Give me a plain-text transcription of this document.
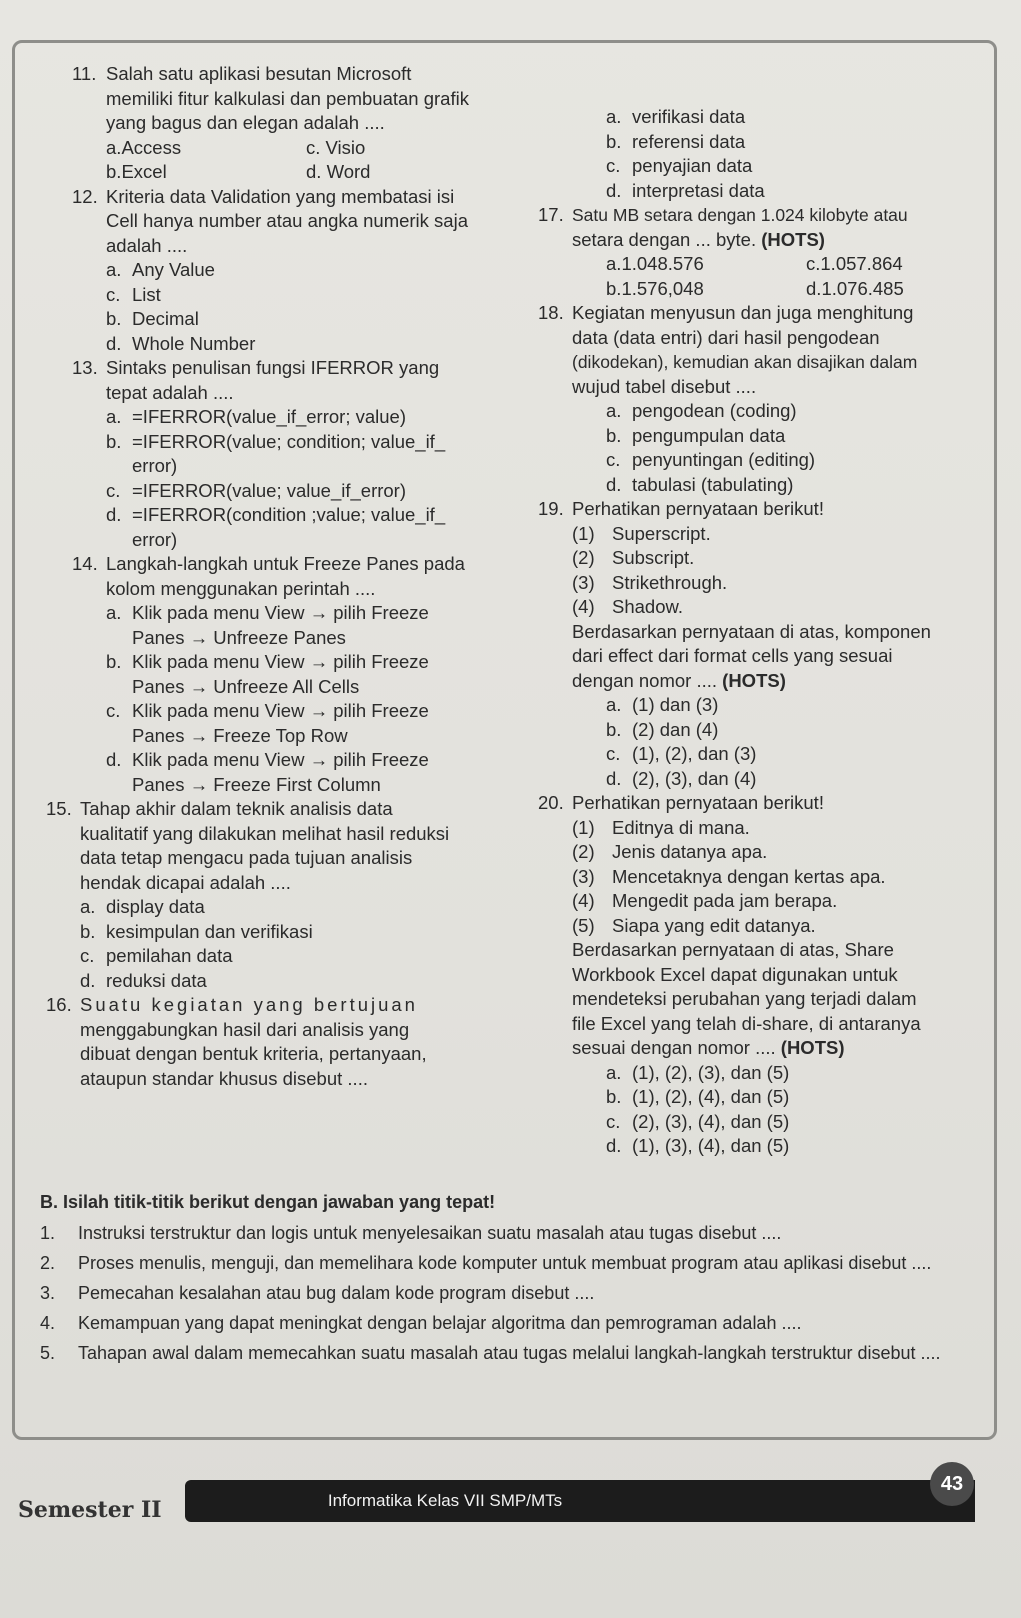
11. Salah satu aplikasi besutan Microsoft
memiliki fitur kalkulasi dan pembuatan grafik
yang bagus dan elegan adalah ....
a.Access	c. Visio
b.Excel	d. Word
12. Kriteria data Validation yang membatasi isi
Cell hanya number atau angka numerik saja
adalah ....
a. Any Value
c. List
b. Decimal
d. Whole Number
13. Sintaks penulisan fungsi IFERROR yang
tepat adalah ....
a. =IFERROR(value_if_error; value)
b. =IFERROR(value; condition; value_if_
error)
c. =IFERROR(value; value_if_error)
d. =IFERROR(condition ;value; value_if_
error)
14. Langkah-langkah untuk Freeze Panes pada
kolom menggunakan perintah ....
a. Klik pada menu View → pilih Freeze
Panes → Unfreeze Panes
b. Klik pada menu View → pilih Freeze
Panes → Unfreeze All Cells
c. Klik pada menu View → pilih Freeze
Panes → Freeze Top Row
d. Klik pada menu View → pilih Freeze
Panes → Freeze First Column
15. Tahap akhir dalam teknik analisis data
kualitatif yang dilakukan melihat hasil reduksi
data tetap mengacu pada tujuan analisis
hendak dicapai adalah ....
a. display data
b. kesimpulan dan verifikasi
c. pemilahan data
d. reduksi data
16. Suatu kegiatan yang bertujuan
menggabungkan hasil dari analisis yang
dibuat dengan bentuk kriteria, pertanyaan,
ataupun standar khusus disebut ....
a. verifikasi data
b. referensi data
c. penyajian data
d. interpretasi data
17. Satu MB setara dengan 1.024 kilobyte atau
setara dengan ... byte. (HOTS)
a.1.048.576	c.1.057.864
b.1.576,048	d.1.076.485
18. Kegiatan menyusun dan juga menghitung
data (data entri) dari hasil pengodean
(dikodekan), kemudian akan disajikan dalam
wujud tabel disebut ....
a. pengodean (coding)
b. pengumpulan data
c. penyuntingan (editing)
d. tabulasi (tabulating)
19. Perhatikan pernyataan berikut!
(1) Superscript.
(2) Subscript.
(3) Strikethrough.
(4) Shadow.
Berdasarkan pernyataan di atas, komponen
dari effect dari format cells yang sesuai
dengan nomor .... (HOTS)
a. (1) dan (3)
b. (2) dan (4)
c. (1), (2), dan (3)
d. (2), (3), dan (4)
20. Perhatikan pernyataan berikut!
(1) Editnya di mana.
(2) Jenis datanya apa.
(3) Mencetaknya dengan kertas apa.
(4) Mengedit pada jam berapa.
(5) Siapa yang edit datanya.
Berdasarkan pernyataan di atas, Share
Workbook Excel dapat digunakan untuk
mendeteksi perubahan yang terjadi dalam
file Excel yang telah di-share, di antaranya
sesuai dengan nomor .... (HOTS)
a. (1), (2), (3), dan (5)
b. (1), (2), (4), dan (5)
c. (2), (3), (4), dan (5)
d. (1), (3), (4), dan (5)
B. Isilah titik-titik berikut dengan jawaban yang tepat!
1.	Instruksi terstruktur dan logis untuk menyelesaikan suatu masalah atau tugas disebut ....
2.	Proses menulis, menguji, dan memelihara kode komputer untuk membuat program atau aplikasi disebut ....
3.	Pemecahan kesalahan atau bug dalam kode program disebut ....
4.	Kemampuan yang dapat meningkat dengan belajar algoritma dan pemrograman adalah ....
5.	Tahapan awal dalam memecahkan suatu masalah atau tugas melalui langkah-langkah terstruktur disebut ....
Semester II	Informatika Kelas VII SMP/MTs
43
